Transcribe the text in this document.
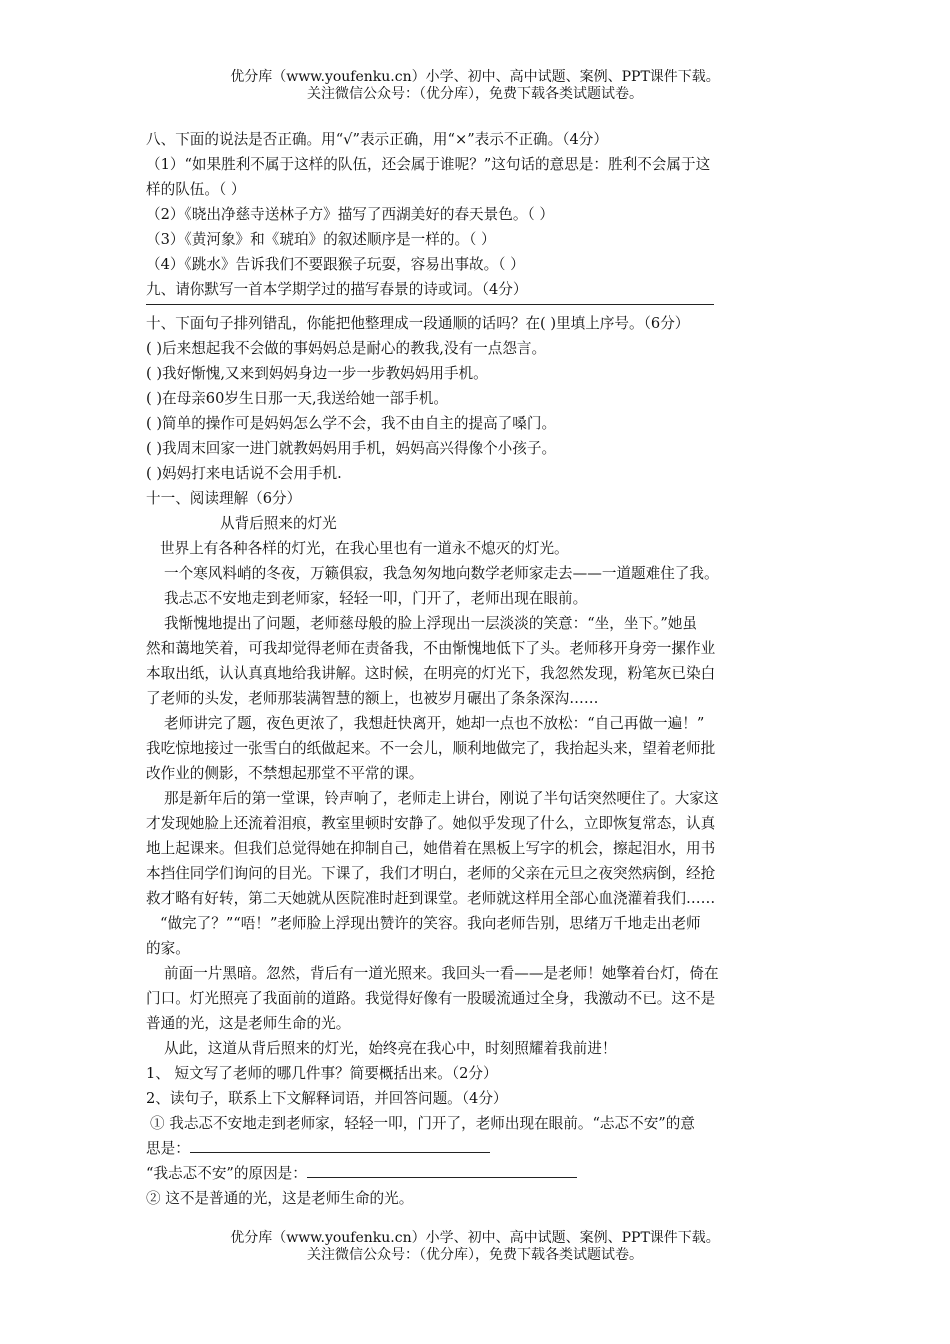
优分库（www.youfenku.cn）小学、初中、高中试题、案例、PPT课件下载。
关注微信公众号：（优分库），免费下载各类试题试卷。
八、下面的说法是否正确。用“√”表示正确，用“×”表示不正确。（4分）
（1）“如果胜利不属于这样的队伍，还会属于谁呢？”这句话的意思是：胜利不会属于这
样的队伍。（ ）
（2）《晓出净慈寺送林子方》描写了西湖美好的春天景色。（ ）
（3）《黄河象》和《琥珀》的叙述顺序是一样的。（ ）
（4）《跳水》告诉我们不要跟猴子玩耍，容易出事故。（ ）
九、请你默写一首本学期学过的描写春景的诗或词。（4分）
十、下面句子排列错乱，你能把他整理成一段通顺的话吗？在( )里填上序号。（6分）
( )后来想起我不会做的事妈妈总是耐心的教我,没有一点怨言。
( )我好惭愧,又来到妈妈身边一步一步教妈妈用手机。
( )在母亲60岁生日那一天,我送给她一部手机。
( )简单的操作可是妈妈怎么学不会，我不由自主的提高了嗓门。
( )我周末回家一进门就教妈妈用手机，妈妈高兴得像个小孩子。
( )妈妈打来电话说不会用手机.
十一、阅读理解（6分）
从背后照来的灯光
世界上有各种各样的灯光，在我心里也有一道永不熄灭的灯光。
一个寒风料峭的冬夜，万籁俱寂，我急匆匆地向数学老师家走去——一道题难住了我。
我忐忑不安地走到老师家，轻轻一叩，门开了，老师出现在眼前。
我惭愧地提出了问题，老师慈母般的脸上浮现出一层淡淡的笑意：“坐，坐下。”她虽
然和蔼地笑着，可我却觉得老师在责备我，不由惭愧地低下了头。老师移开身旁一摞作业
本取出纸，认认真真地给我讲解。这时候，在明亮的灯光下，我忽然发现，粉笔灰已染白
了老师的头发，老师那装满智慧的额上，也被岁月碾出了条条深沟……
老师讲完了题，夜色更浓了，我想赶快离开，她却一点也不放松：“自己再做一遍！”
我吃惊地接过一张雪白的纸做起来。不一会儿，顺利地做完了，我抬起头来，望着老师批
改作业的侧影，不禁想起那堂不平常的课。
那是新年后的第一堂课，铃声响了，老师走上讲台，刚说了半句话突然哽住了。大家这
才发现她脸上还流着泪痕，教室里顿时安静了。她似乎发现了什么，立即恢复常态，认真
地上起课来。但我们总觉得她在抑制自己，她借着在黑板上写字的机会，擦起泪水，用书
本挡住同学们询问的目光。下课了，我们才明白，老师的父亲在元旦之夜突然病倒，经抢
救才略有好转，第二天她就从医院准时赶到课堂。老师就这样用全部心血浇灌着我们……
“做完了？”“唔！”老师脸上浮现出赞许的笑容。我向老师告别，思绪万千地走出老师
的家。
前面一片黑暗。忽然，背后有一道光照来。我回头一看——是老师！她擎着台灯，倚在
门口。灯光照亮了我面前的道路。我觉得好像有一股暖流通过全身，我激动不已。这不是
普通的光，这是老师生命的光。
从此，这道从背后照来的灯光，始终亮在我心中，时刻照耀着我前进！
1、 短文写了老师的哪几件事？简要概括出来。（2分）
2、读句子，联系上下文解释词语，并回答问题。（4分）
① 我忐忑不安地走到老师家，轻轻一叩，门开了，老师出现在眼前。“忐忑不安”的意
思是：
“我忐忑不安”的原因是：
② 这不是普通的光，这是老师生命的光。
优分库（www.youfenku.cn）小学、初中、高中试题、案例、PPT课件下载。
关注微信公众号：（优分库），免费下载各类试题试卷。
